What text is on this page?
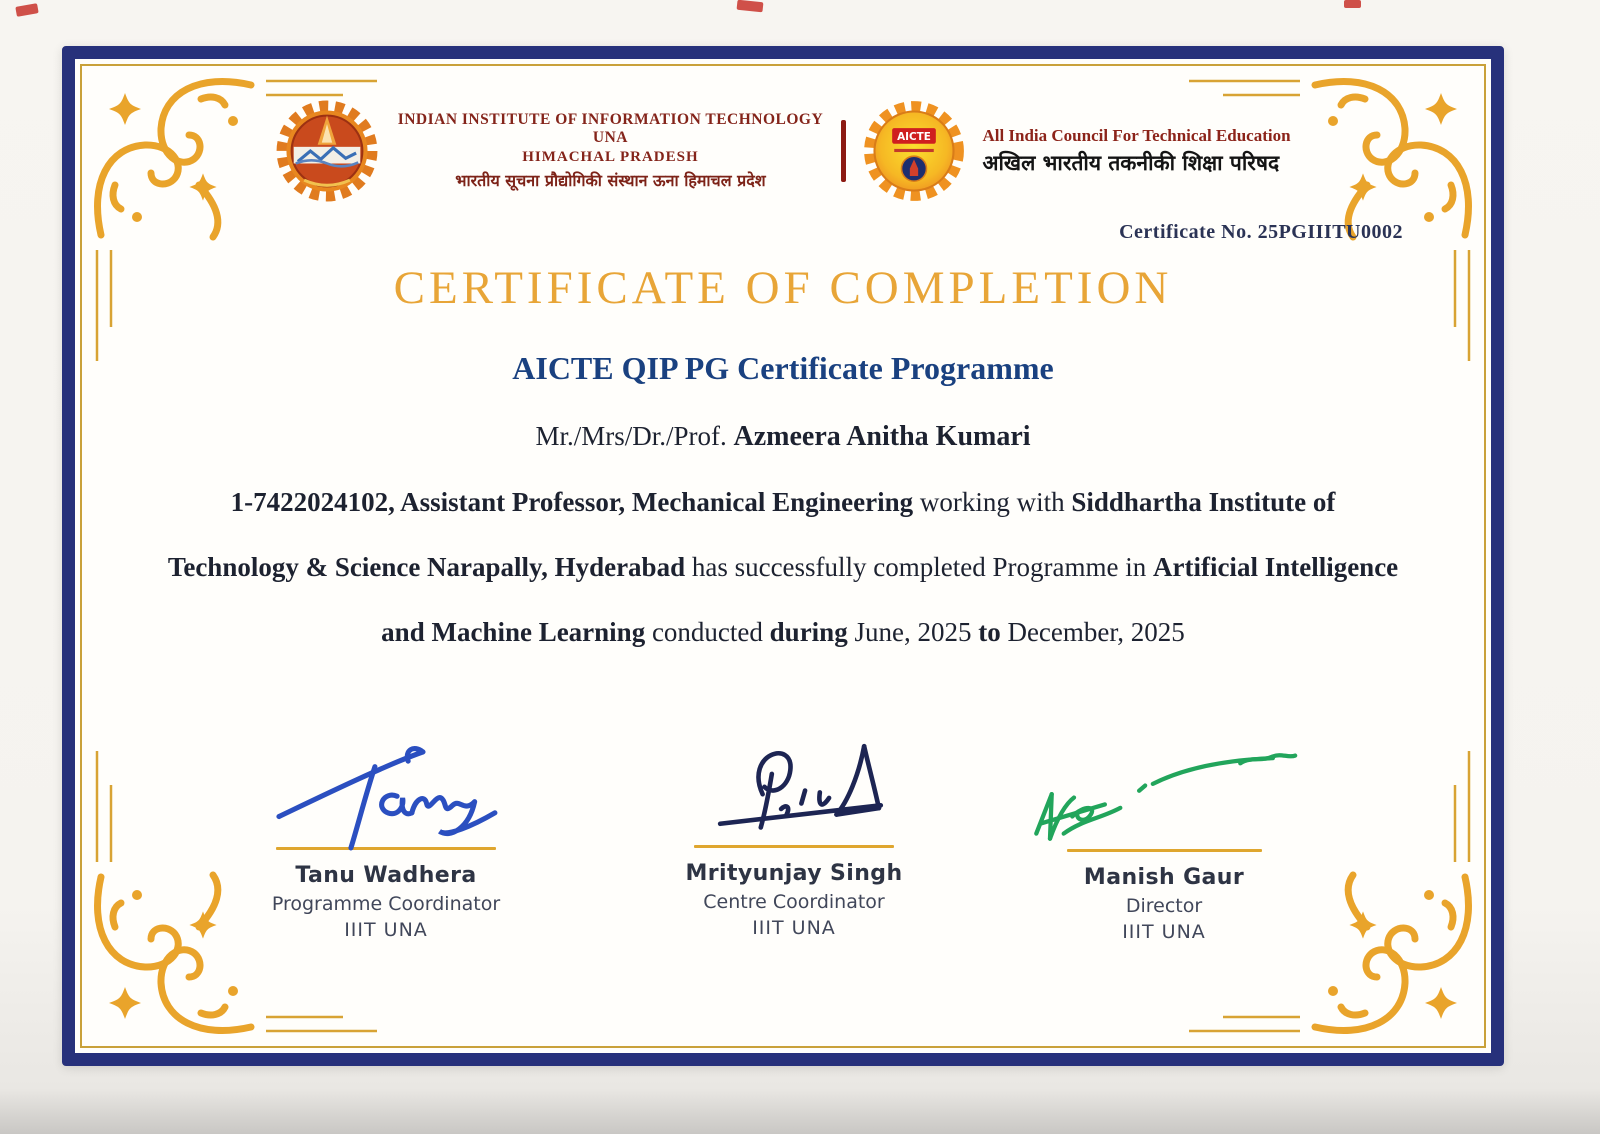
INDIAN INSTITUTE OF INFORMATION TECHNOLOGY UNA
HIMACHAL PRADESH
भारतीय सूचना प्रौद्योगिकी संस्थान ऊना हिमाचल प्रदेश
AICTE	All India Council For Technical Education
अखिल भारतीय तकनीकी शिक्षा परिषद
Certificate No. 25PGIIITU0002
CERTIFICATE OF COMPLETION
AICTE QIP PG Certificate Programme
Mr./Mrs/Dr./Prof. Azmeera Anitha Kumari
1-7422024102, Assistant Professor, Mechanical Engineering working with Siddhartha Institute of
Technology & Science Narapally, Hyderabad has successfully completed Programme in Artificial Intelligence
and Machine Learning conducted during June, 2025 to December, 2025
Tanu Wadhera
Programme Coordinator
IIIT UNA
Mrityunjay Singh
Centre Coordinator
IIIT UNA
Manish Gaur
Director
IIIT UNA
